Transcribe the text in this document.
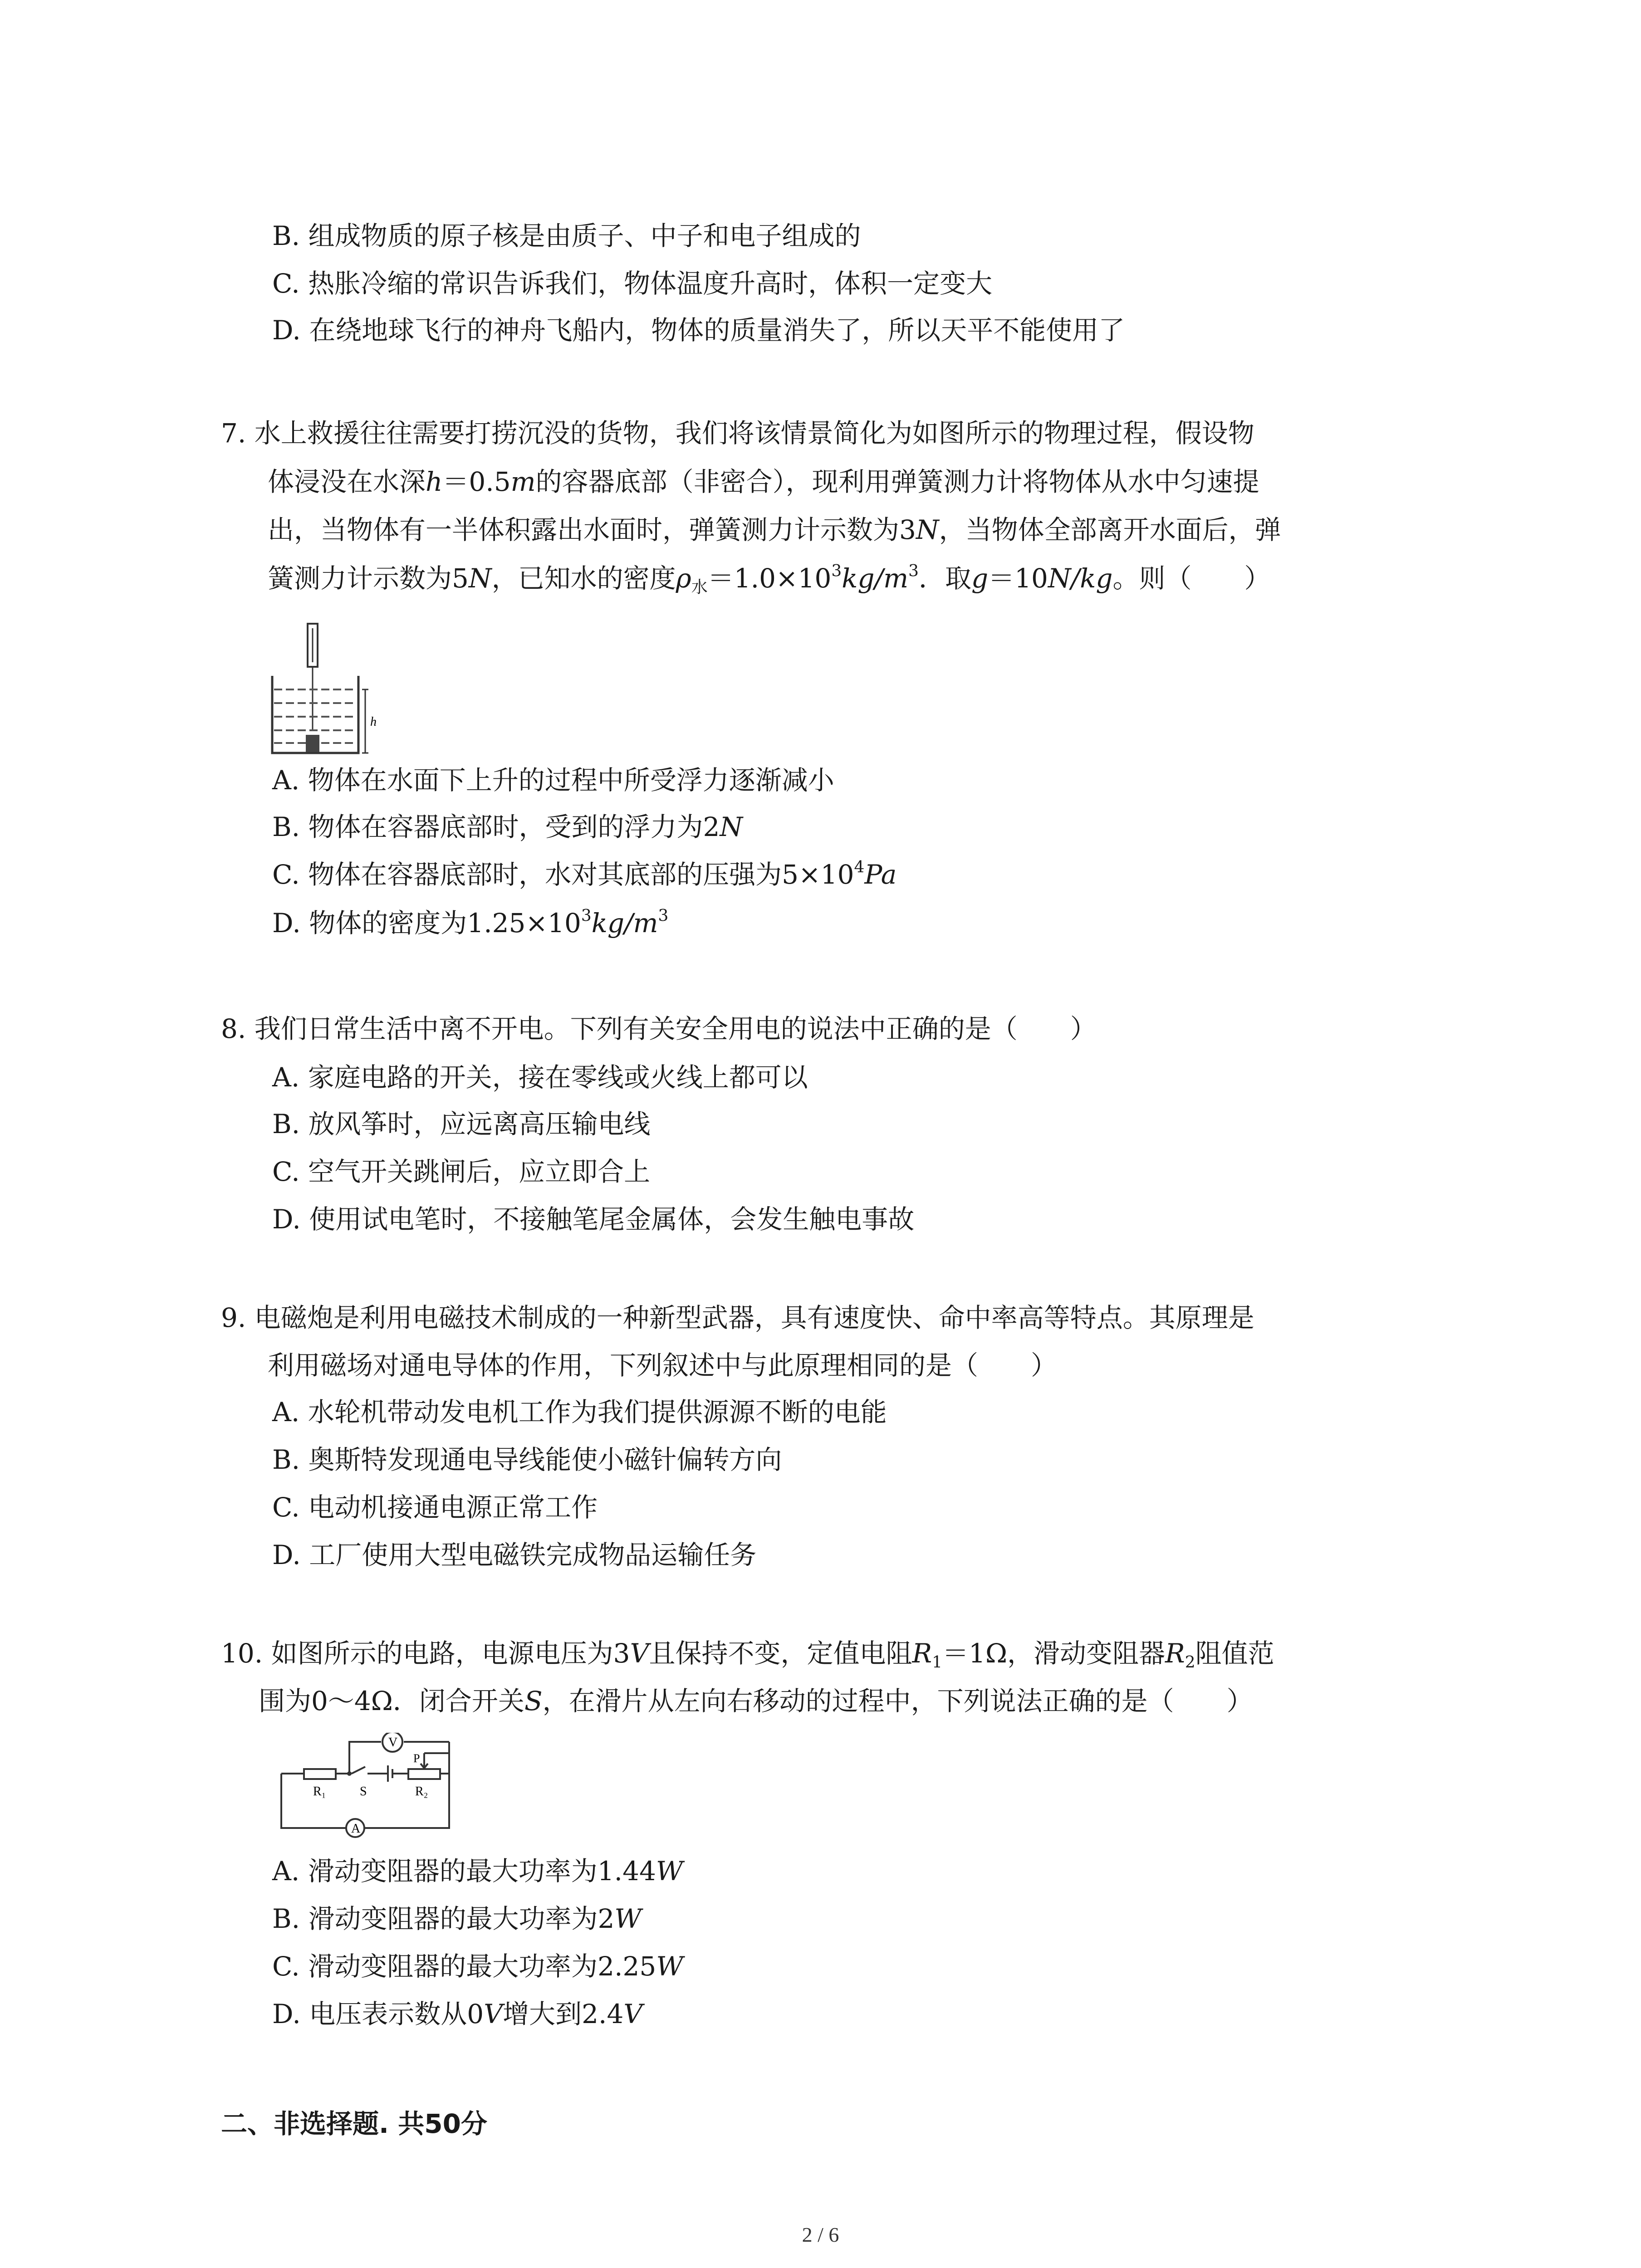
B. 组成物质的原子核是由质子、中子和电子组成的
C. 热胀冷缩的常识告诉我们，物体温度升高时，体积一定变大
D. 在绕地球飞行的神舟飞船内，物体的质量消失了，所以天平不能使用了
7. 水上救援往往需要打捞沉没的货物，我们将该情景简化为如图所示的物理过程，假设物
体浸没在水深h＝0.5m的容器底部（非密合），现利用弹簧测力计将物体从水中匀速提
出，当物体有一半体积露出水面时，弹簧测力计示数为3N，当物体全部离开水面后，弹
簧测力计示数为5N，已知水的密度$\rho_水=1.0\times 10^3kg/m^3$．取g＝10N/kg。则（　　）
h
A. 物体在水面下上升的过程中所受浮力逐渐减小
B. 物体在容器底部时，受到的浮力为2N
C. 物体在容器底部时，水对其底部的压强为$5\times 10^4Pa$
D. 物体的密度为$1.25\times 10^3kg/m^3$
8. 我们日常生活中离不开电。下列有关安全用电的说法中正确的是（　　）
A. 家庭电路的开关，接在零线或火线上都可以
B. 放风筝时，应远离高压输电线
C. 空气开关跳闸后，应立即合上
D. 使用试电笔时，不接触笔尾金属体，会发生触电事故
9. 电磁炮是利用电磁技术制成的一种新型武器，具有速度快、命中率高等特点。其原理是
利用磁场对通电导体的作用，下列叙述中与此原理相同的是（　　）
A. 水轮机带动发电机工作为我们提供源源不断的电能
B. 奥斯特发现通电导线能使小磁针偏转方向
C. 电动机接通电源正常工作
D. 工厂使用大型电磁铁完成物品运输任务
10. 如图所示的电路，电源电压为3V且保持不变，定值电阻$R_1=1\Omega$，滑动变阻器$R_2$阻值范
围为0～4Ω．闭合开关S，在滑片从左向右移动的过程中，下列说法正确的是（　　）
V
A
P
R₁	S	R₂
A. 滑动变阻器的最大功率为1.44W
B. 滑动变阻器的最大功率为2W
C. 滑动变阻器的最大功率为2.25W
D. 电压表示数从0V增大到2.4V
二、非选择题. 共50分
2 / 6
